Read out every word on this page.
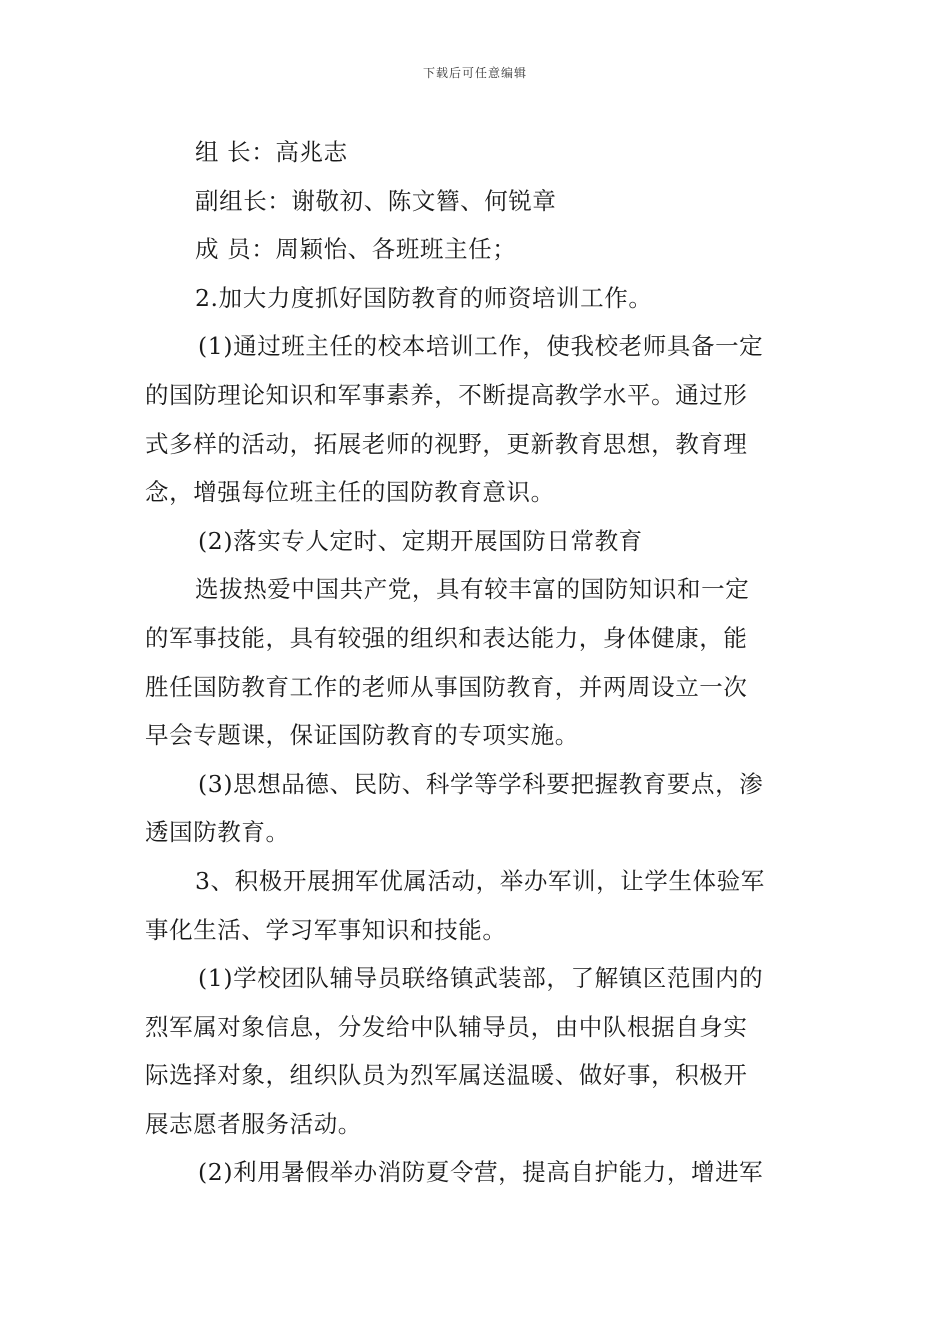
下载后可任意编辑
组 长：高兆志
副组长：谢敬初、陈文簪、何锐章
成 员：周颖怡、各班班主任；
2.加大力度抓好国防教育的师资培训工作。
(1)通过班主任的校本培训工作，使我校老师具备一定
的国防理论知识和军事素养，不断提高教学水平。通过形
式多样的活动，拓展老师的视野，更新教育思想，教育理
念，增强每位班主任的国防教育意识。
(2)落实专人定时、定期开展国防日常教育
选拔热爱中国共产党，具有较丰富的国防知识和一定
的军事技能，具有较强的组织和表达能力，身体健康，能
胜任国防教育工作的老师从事国防教育，并两周设立一次
早会专题课，保证国防教育的专项实施。
(3)思想品德、民防、科学等学科要把握教育要点，渗
透国防教育。
3、积极开展拥军优属活动，举办军训，让学生体验军
事化生活、学习军事知识和技能。
(1)学校团队辅导员联络镇武装部，了解镇区范围内的
烈军属对象信息，分发给中队辅导员，由中队根据自身实
际选择对象，组织队员为烈军属送温暖、做好事，积极开
展志愿者服务活动。
(2)利用暑假举办消防夏令营，提高自护能力，增进军
